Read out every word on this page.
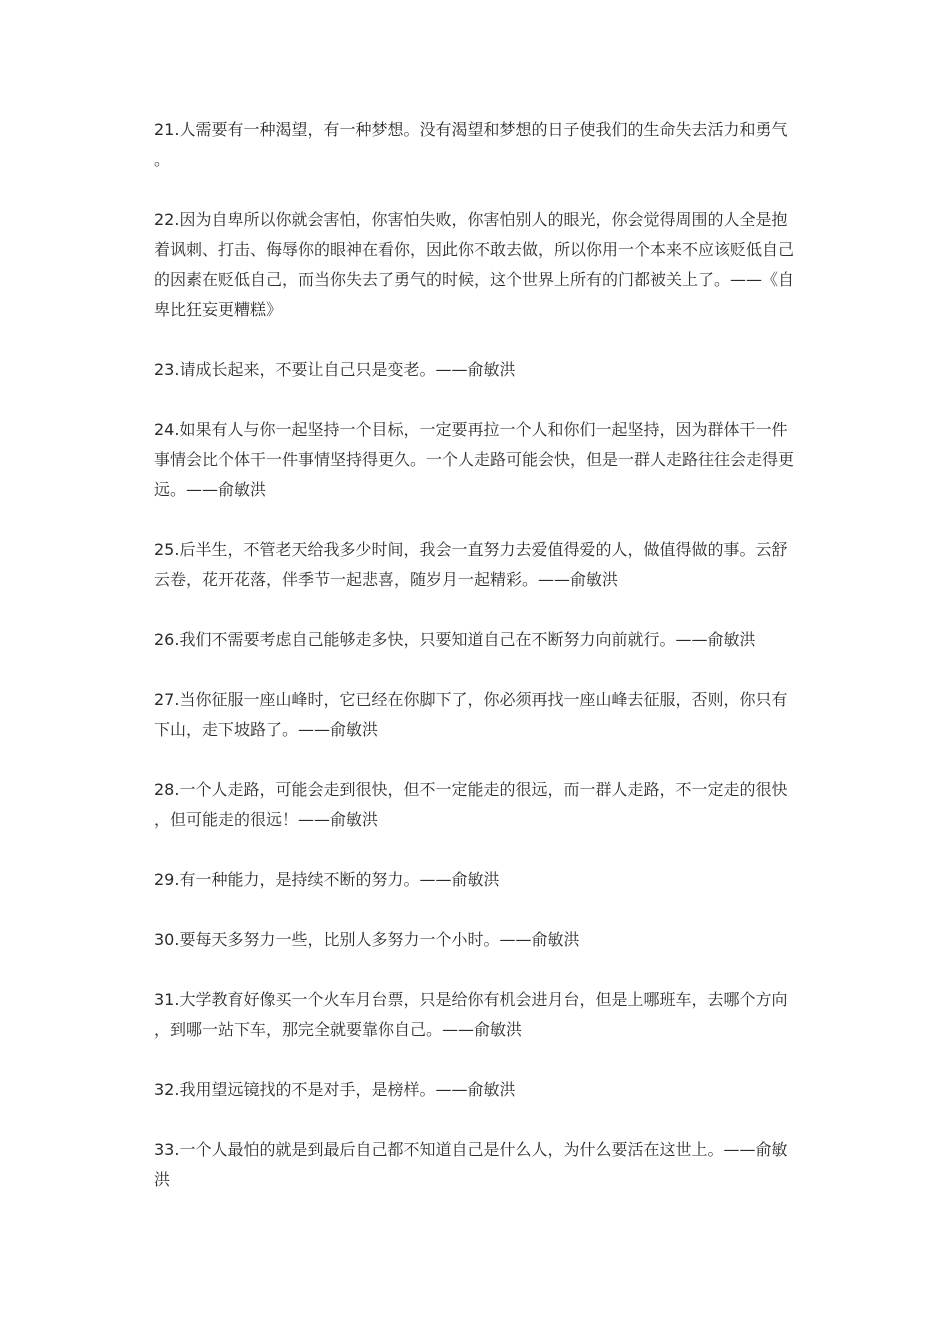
21.人需要有一种渴望，有一种梦想。没有渴望和梦想的日子使我们的生命失去活力和勇气。

22.因为自卑所以你就会害怕，你害怕失败，你害怕别人的眼光，你会觉得周围的人全是抱着讽刺、打击、侮辱你的眼神在看你，因此你不敢去做，所以你用一个本来不应该贬低自己的因素在贬低自己，而当你失去了勇气的时候，这个世界上所有的门都被关上了。——《自卑比狂妄更糟糕》

23.请成长起来，不要让自己只是变老。——俞敏洪

24.如果有人与你一起坚持一个目标，一定要再拉一个人和你们一起坚持，因为群体干一件事情会比个体干一件事情坚持得更久。一个人走路可能会快，但是一群人走路往往会走得更远。——俞敏洪

25.后半生，不管老天给我多少时间，我会一直努力去爱值得爱的人，做值得做的事。云舒云卷，花开花落，伴季节一起悲喜，随岁月一起精彩。——俞敏洪

26.我们不需要考虑自己能够走多快，只要知道自己在不断努力向前就行。——俞敏洪

27.当你征服一座山峰时，它已经在你脚下了，你必须再找一座山峰去征服，否则，你只有下山，走下坡路了。——俞敏洪

28.一个人走路，可能会走到很快，但不一定能走的很远，而一群人走路，不一定走的很快，但可能走的很远！——俞敏洪

29.有一种能力，是持续不断的努力。——俞敏洪

30.要每天多努力一些，比别人多努力一个小时。——俞敏洪

31.大学教育好像买一个火车月台票，只是给你有机会进月台，但是上哪班车，去哪个方向，到哪一站下车，那完全就要靠你自己。——俞敏洪

32.我用望远镜找的不是对手，是榜样。——俞敏洪

33.一个人最怕的就是到最后自己都不知道自己是什么人，为什么要活在这世上。——俞敏洪
